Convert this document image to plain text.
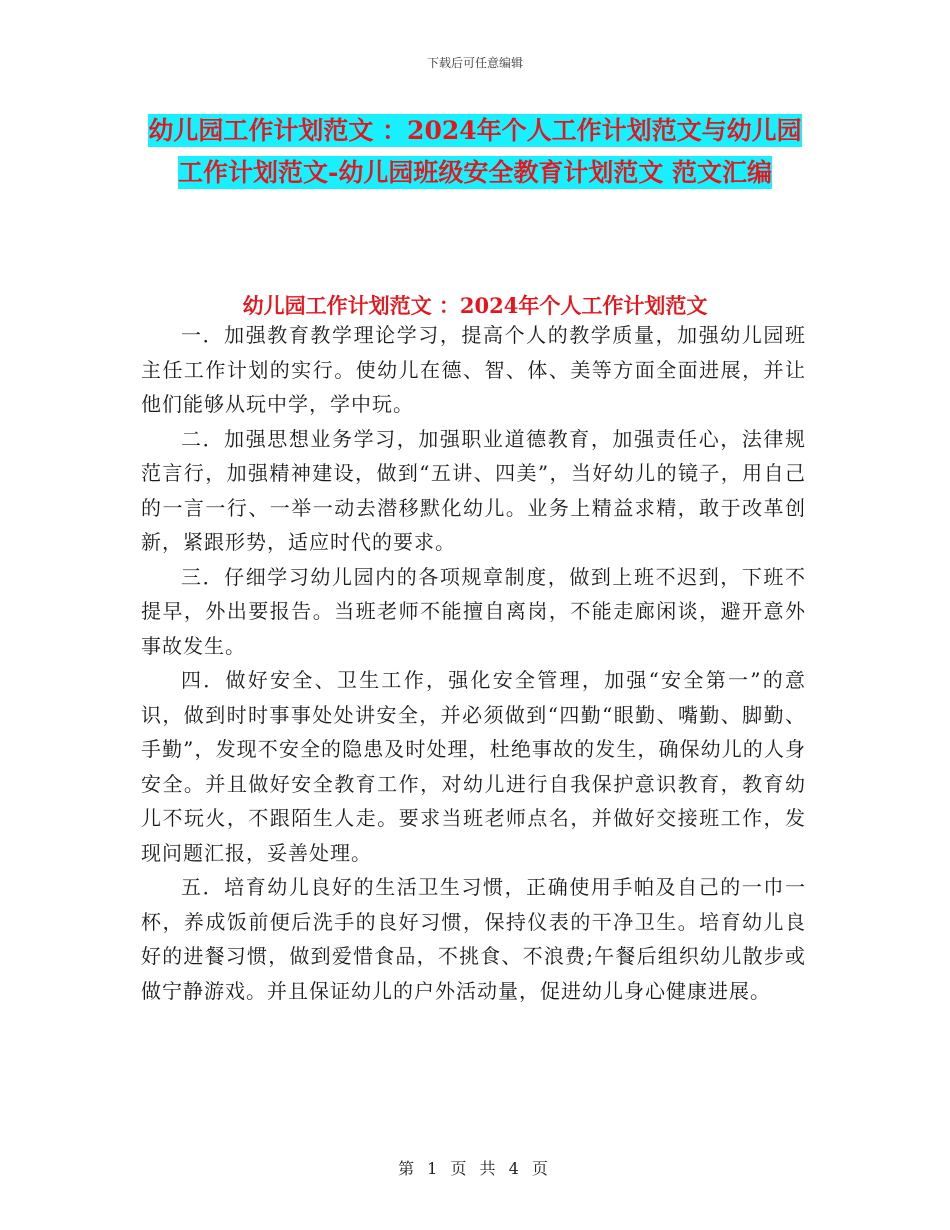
下载后可任意编辑
幼儿园工作计划范文 ：2024年个人工作计划范文与幼儿园工作计划范文-幼儿园班级安全教育计划范文 范文汇编
幼儿园工作计划范文 ：2024年个人工作计划范文

一．加强教育教学理论学习，提高个人的教学质量，加强幼儿园班主任工作计划的实行。使幼儿在德、智、体、美等方面全面进展，并让他们能够从玩中学，学中玩。

二．加强思想业务学习，加强职业道德教育，加强责任心，法律规范言行，加强精神建设，做到“五讲、四美”，当好幼儿的镜子，用自己的一言一行、一举一动去潜移默化幼儿。业务上精益求精，敢于改革创新，紧跟形势，适应时代的要求。

三．仔细学习幼儿园内的各项规章制度，做到上班不迟到，下班不提早，外出要报告。当班老师不能擅自离岗，不能走廊闲谈，避开意外事故发生。

四．做好安全、卫生工作，强化安全管理，加强“安全第一”的意识，做到时时事事处处讲安全，并必须做到“四勤“眼勤、嘴勤、脚勤、手勤”，发现不安全的隐患及时处理，杜绝事故的发生，确保幼儿的人身安全。并且做好安全教育工作，对幼儿进行自我保护意识教育，教育幼儿不玩火，不跟陌生人走。要求当班老师点名，并做好交接班工作，发现问题汇报，妥善处理。

五．培育幼儿良好的生活卫生习惯，正确使用手帕及自己的一巾一杯，养成饭前便后洗手的良好习惯，保持仪表的干净卫生。培育幼儿良好的进餐习惯，做到爱惜食品，不挑食、不浪费;午餐后组织幼儿散步或做宁静游戏。并且保证幼儿的户外活动量，促进幼儿身心健康进展。

第 1 页 共 4 页
